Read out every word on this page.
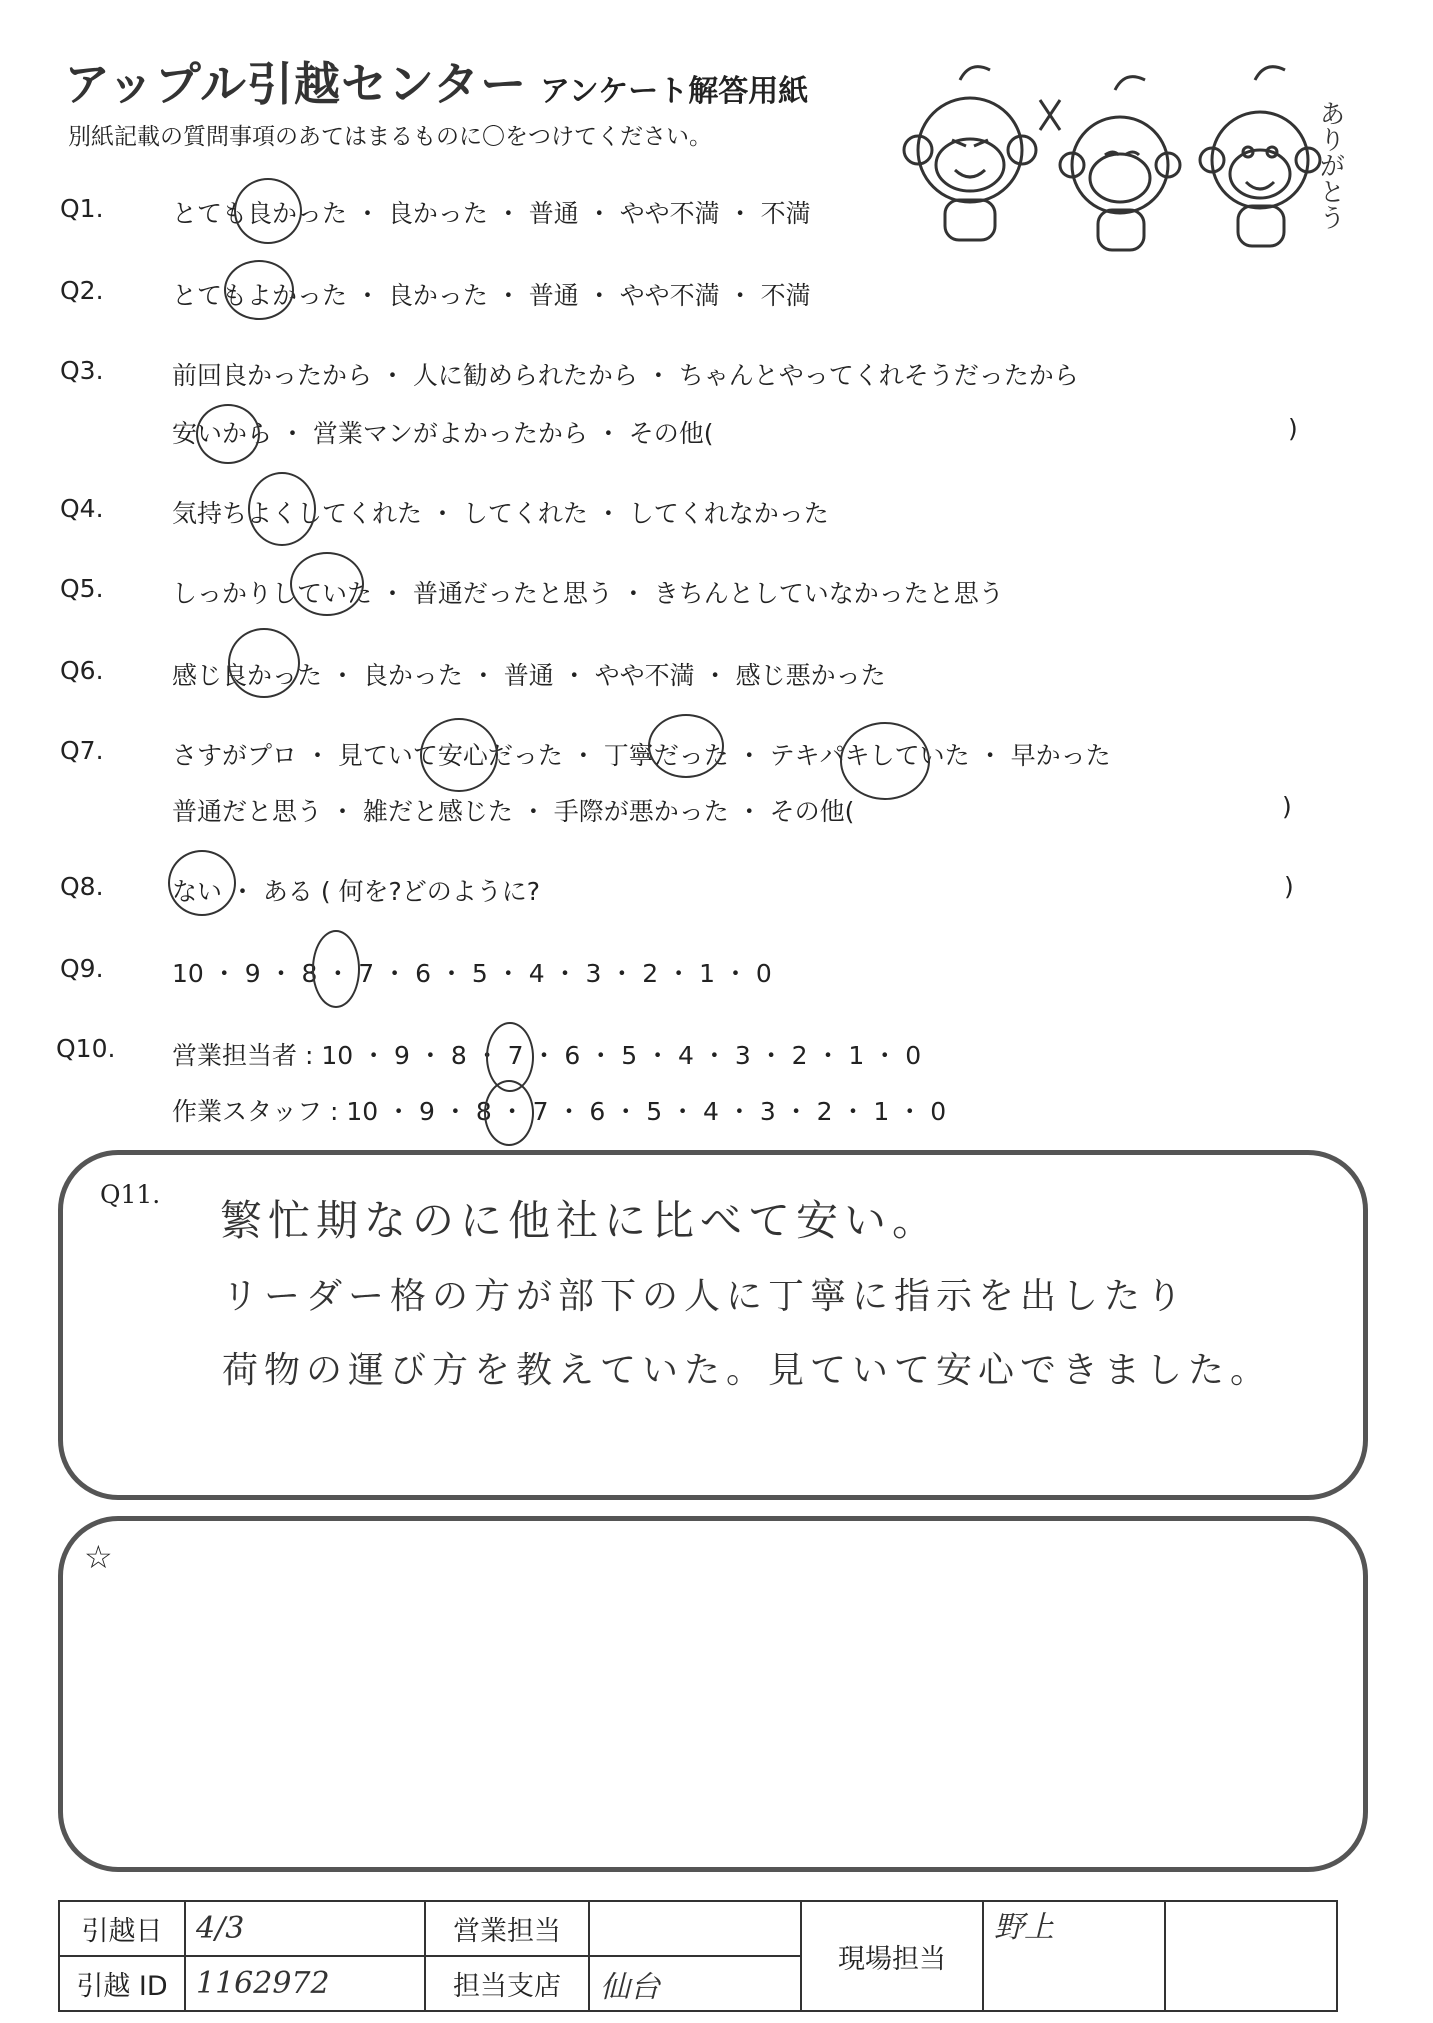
アップル引越センター アンケート解答用紙
別紙記載の質問事項のあてはまるものに〇をつけてください。	ありがとう
Q1.	とても良かった ・ 良かった ・ 普通 ・ やや不満 ・ 不満
Q2.	とてもよかった ・ 良かった ・ 普通 ・ やや不満 ・ 不満
Q3.	前回良かったから ・ 人に勧められたから ・ ちゃんとやってくれそうだったから
安いから ・ 営業マンがよかったから ・ その他(	)
Q4.	気持ちよくしてくれた ・ してくれた ・ してくれなかった
Q5.	しっかりしていた ・ 普通だったと思う ・ きちんとしていなかったと思う
Q6.	感じ良かった ・ 良かった ・ 普通 ・ やや不満 ・ 感じ悪かった
Q7.	さすがプロ ・ 見ていて安心だった ・ 丁寧だった ・ テキパキしていた ・ 早かった
普通だと思う ・ 雑だと感じた ・ 手際が悪かった ・ その他(	)
Q8.	ない ・ ある ( 何を?どのように?	)
Q9.	10 ・ 9 ・ 8 ・ 7 ・ 6 ・ 5 ・ 4 ・ 3 ・ 2 ・ 1 ・ 0
Q10. 営業担当者 : 10 ・ 9 ・ 8 ・ 7 ・ 6 ・ 5 ・ 4 ・ 3 ・ 2 ・ 1 ・ 0
作業スタッフ : 10 ・ 9 ・ 8 ・ 7 ・ 6 ・ 5 ・ 4 ・ 3 ・ 2 ・ 1 ・ 0
Q11.
繁忙期なのに他社に比べて安い。
リーダー格の方が部下の人に丁寧に指示を出したり
荷物の運び方を教えていた。見ていて安心できました。
☆
引越日	4/3	営業担当		現場担当	野上	
引越 ID	1162972	担当支店	仙台			
